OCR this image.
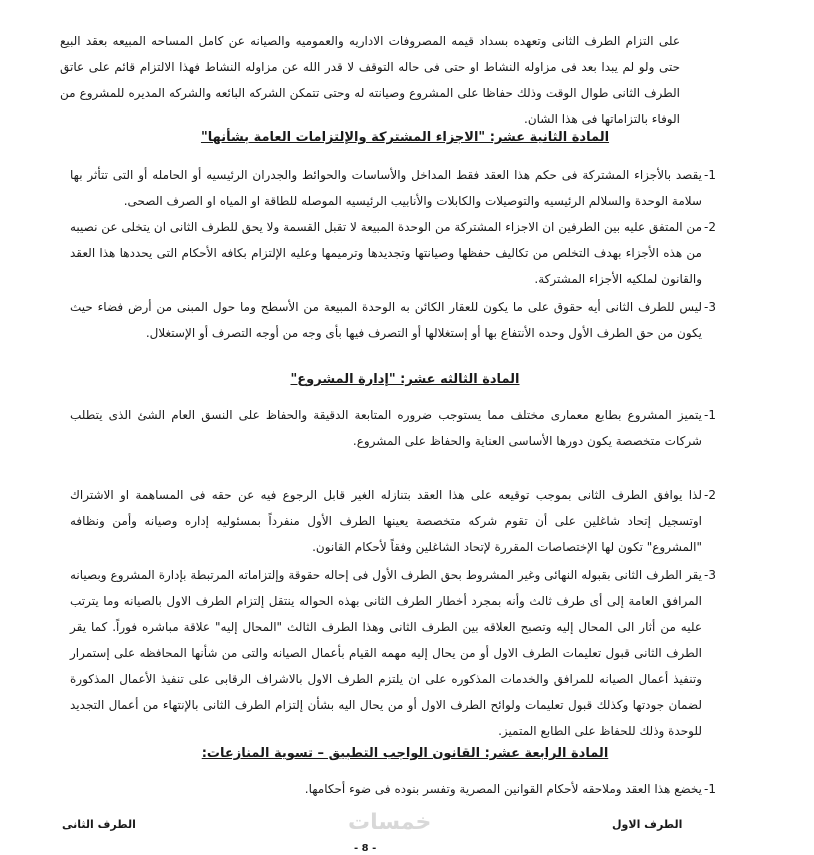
على التزام الطرف الثانى وتعهده بسداد قيمه المصروفات الاداريه والعموميه والصيانه عن كامل المساحه المبيعه بعقد البيع حتى ولو لم يبدا بعد فى مزاوله النشاط او حتى فى حاله التوقف لا قدر الله عن مزاوله النشاط فهذا الالتزام قائم على عاتق الطرف الثانى طوال الوقت وذلك حفاظا على المشروع وصيانته له وحتى تتمكن الشركه البائعه والشركه المديره للمشروع من الوفاء بالتزاماتها فى هذا الشان.
المادة الثانية عشر: "الاجزاء المشتركة والإلتزامات العامة بشأنها"
-1
يقصد بالأجزاء المشتركة فى حكم هذا العقد فقط المداخل والأساسات والحوائط والجدران الرئيسيه أو الحامله أو التى تتأثر بها سلامة الوحدة والسلالم الرئيسيه والتوصيلات والكابلات والأنابيب الرئيسيه الموصله للطاقة او المياه او الصرف الصحى.
-2
من المتفق عليه بين الطرفين ان الاجزاء المشتركة من الوحدة المبيعة لا تقبل القسمة ولا يحق للطرف الثانى ان يتخلى عن نصيبه من هذه الأجزاء بهدف التخلص من تكاليف حفظها وصيانتها وتجديدها وترميمها وعليه الإلتزام بكافه الأحكام التى يحددها هذا العقد والقانون لملكيه الأجزاء المشتركة.
-3
ليس للطرف الثانى أيه حقوق على ما يكون للعقار الكائن به الوحدة المبيعة من الأسطح وما حول المبنى من أرض فضاء حيث يكون من حق الطرف الأول وحده الأنتفاع بها أو إستغلالها أو التصرف فيها بأى وجه من أوجه التصرف أو الإستغلال.
المادة الثالثه عشر: "إدارة المشروع"
-1
يتميز المشروع بطابع معمارى مختلف مما يستوجب ضروره المتابعة الدقيقة والحفاظ على النسق العام الشئ الذى يتطلب شركات متخصصة يكون دورها الأساسى العناية والحفاظ على المشروع.
-2
لذا يوافق الطرف الثانى بموجب توقيعه على هذا العقد بتنازله الغير قابل الرجوع فيه عن حقه فى المساهمة او الاشتراك اوتسجيل إتحاد شاغلين على أن تقوم شركه متخصصة يعينها الطرف الأول منفرداً بمسئوليه إداره وصيانه وأمن ونظافه "المشروع" تكون لها الإختصاصات المقررة لإتحاد الشاغلين وفقاً لأحكام القانون.
-3
يقر الطرف الثانى بقبوله النهائى وغير المشروط بحق الطرف الأول فى إحاله حقوقة وإلتزاماته المرتبطة بإدارة المشروع وبصيانه المرافق العامة إلى أى طرف ثالث وأنه بمجرد أخطار الطرف الثانى بهذه الحواله ينتقل إلتزام الطرف الاول بالصيانه وما يترتب عليه من أثار الى المحال إليه وتصبح العلاقه بين الطرف الثانى وهذا الطرف الثالث "المحال إليه" علاقة مباشره فوراً. كما يقر الطرف الثانى قبول تعليمات الطرف الاول أو من يحال إليه مهمه القيام بأعمال الصيانه والتى من شأنها المحافظه على إستمرار وتنفيذ أعمال الصيانه للمرافق والخدمات المذكوره على ان يلتزم الطرف الاول بالاشراف الرقابى على تنفيذ الأعمال المذكورة لضمان جودتها وكذلك قبول تعليمات ولوائح الطرف الاول أو من يحال اليه بشأن إلتزام الطرف الثانى بالإنتهاء من أعمال التجديد للوحدة وذلك للحفاظ على الطابع المتميز.
المادة الرابعة عشر: القانون الواجب التطبيق – تسوية المنازعات:
-1
يخضع هذا العقد وملاحقه لأحكام القوانين المصرية وتفسر بنوده فى ضوء أحكامها.
الطرف الثانى	خمسات	الطرف الاول
- 8 -
